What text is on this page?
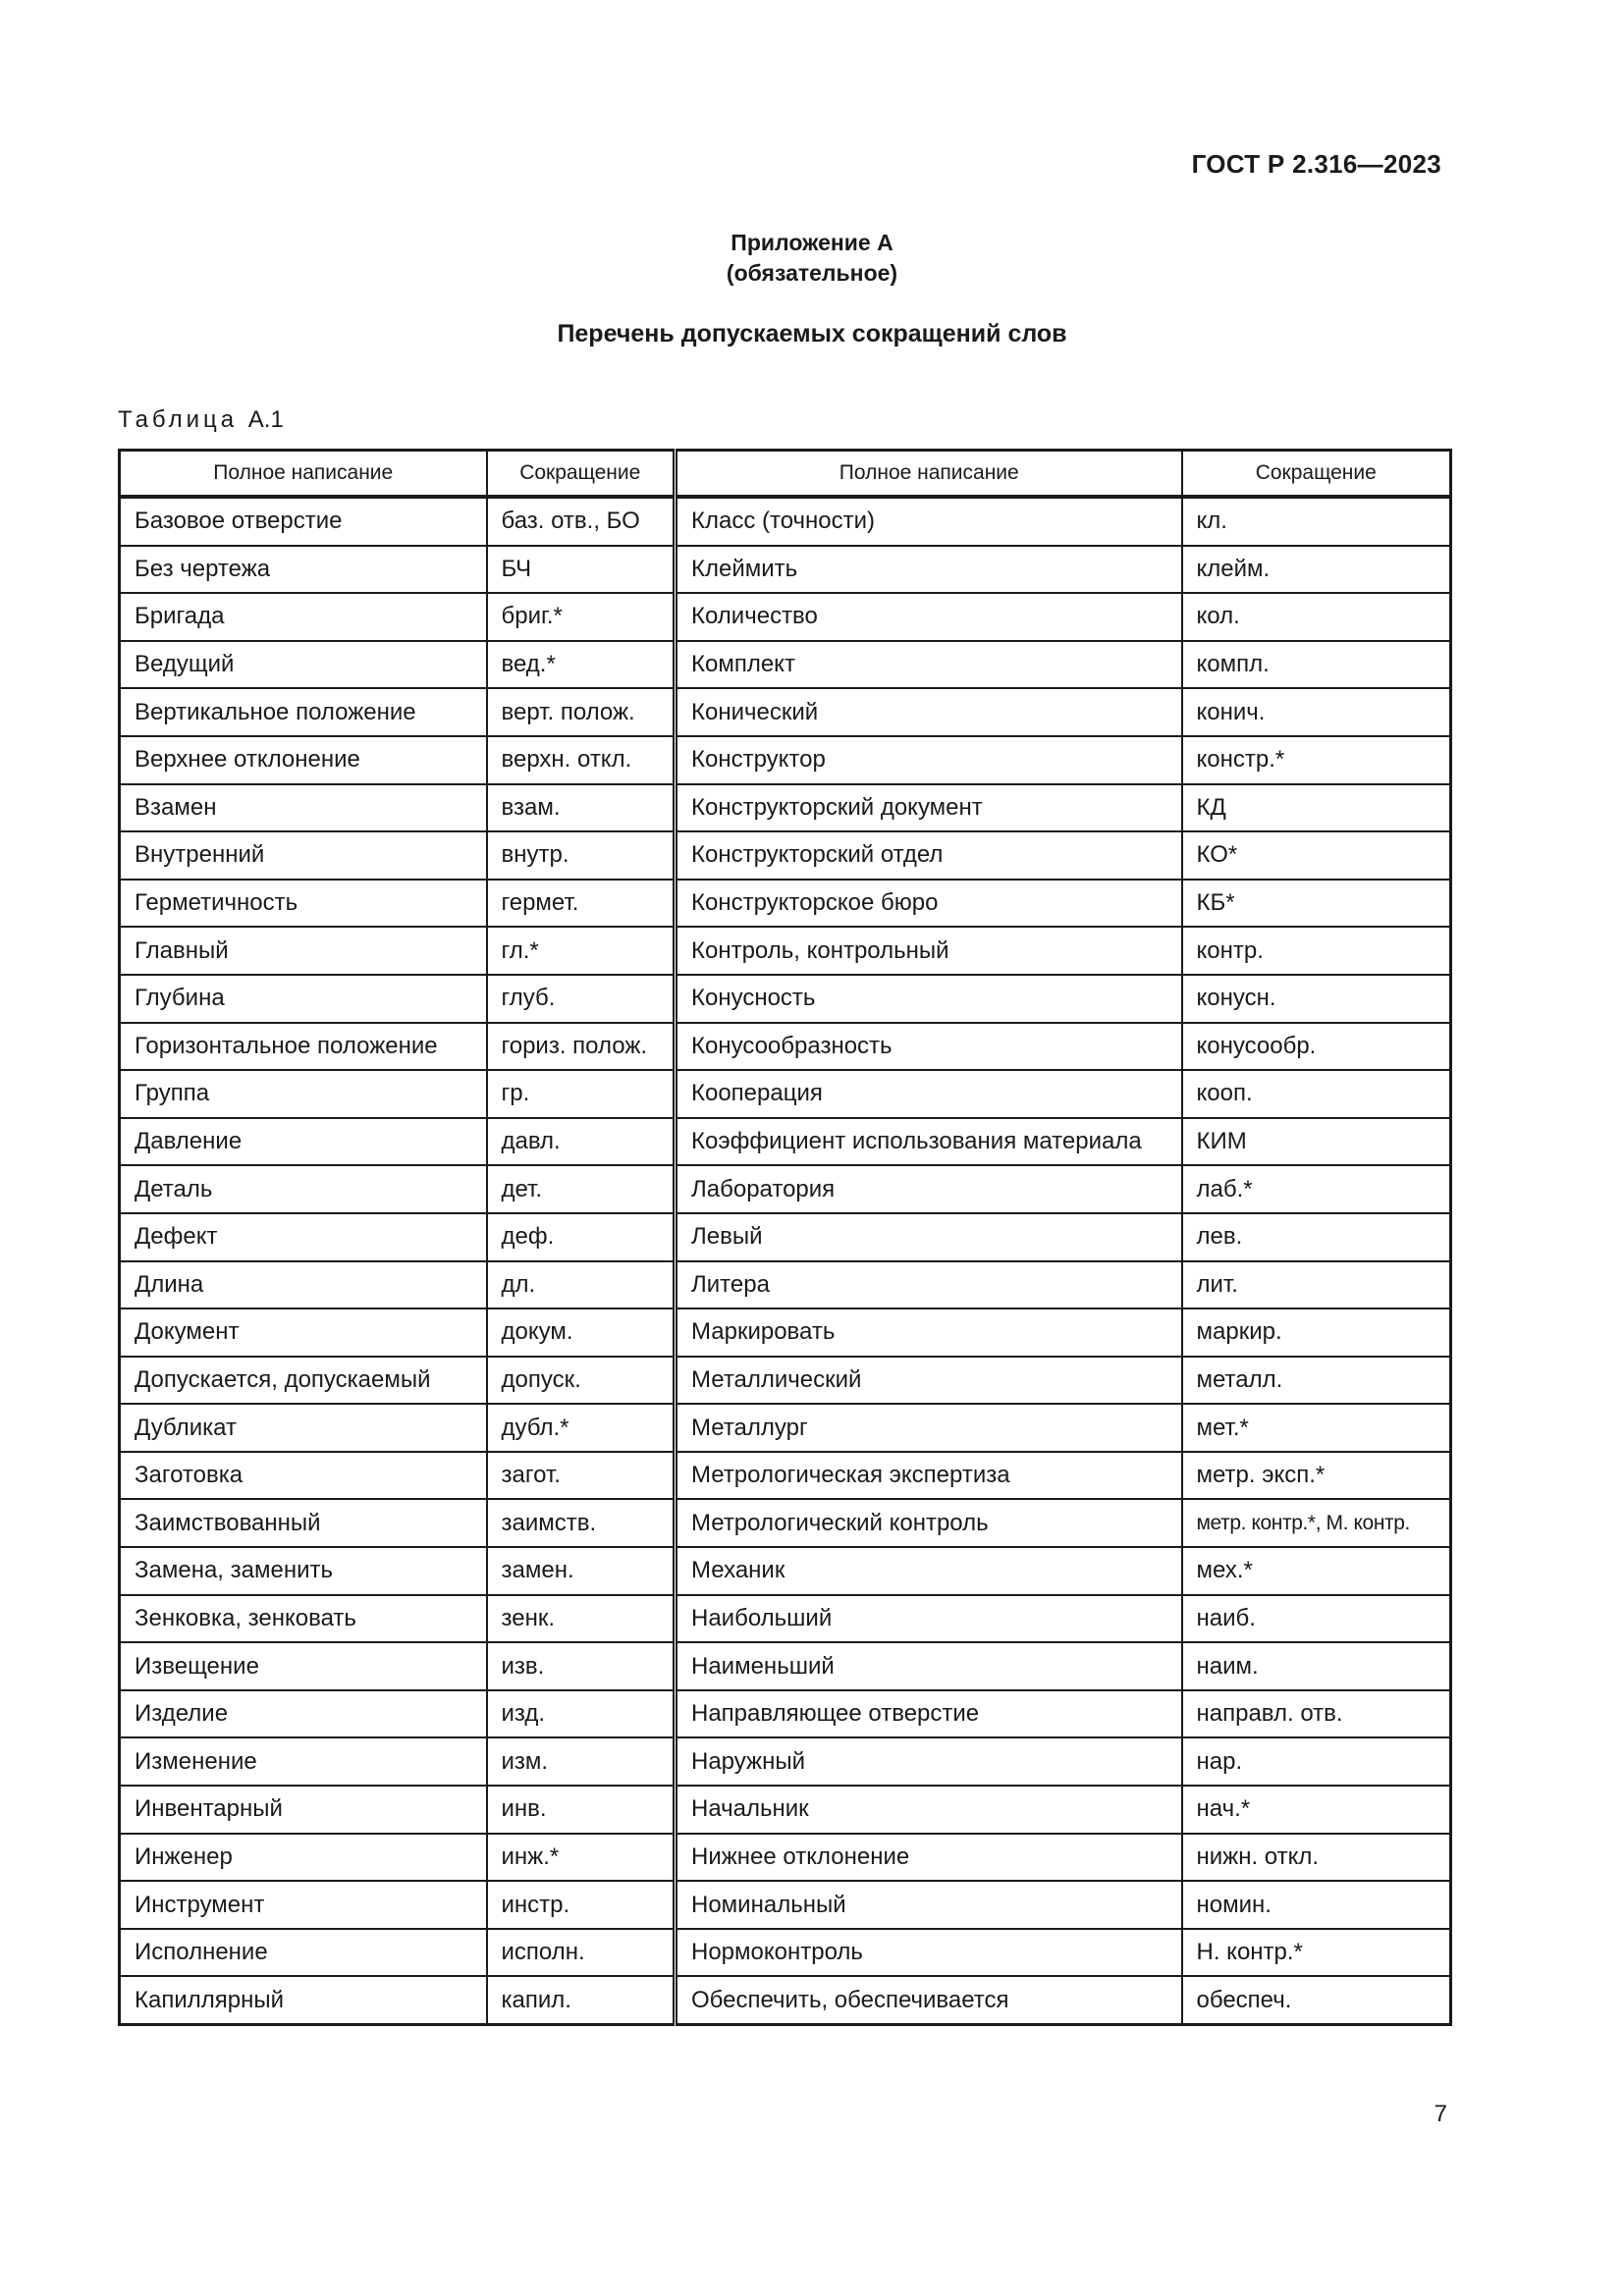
ГОСТ Р 2.316—2023
Приложение А
(обязательное)
Перечень допускаемых сокращений слов
Таблица А.1
Полное написание	Сокращение	Полное написание	Сокращение
Базовое отверстие	баз. отв., БО	Класс (точности)	кл.
Без чертежа	БЧ	Клеймить	клейм.
Бригада	бриг.*	Количество	кол.
Ведущий	вед.*	Комплект	компл.
Вертикальное положение	верт. полож.	Конический	конич.
Верхнее отклонение	верхн. откл.	Конструктор	констр.*
Взамен	взам.	Конструкторский документ	КД
Внутренний	внутр.	Конструкторский отдел	КО*
Герметичность	гермет.	Конструкторское бюро	КБ*
Главный	гл.*	Контроль, контрольный	контр.
Глубина	глуб.	Конусность	конусн.
Горизонтальное положение	гориз. полож.	Конусообразность	конусообр.
Группа	гр.	Кооперация	кооп.
Давление	давл.	Коэффициент использования материала	КИМ
Деталь	дет.	Лаборатория	лаб.*
Дефект	деф.	Левый	лев.
Длина	дл.	Литера	лит.
Документ	докум.	Маркировать	маркир.
Допускается, допускаемый	допуск.	Металлический	металл.
Дубликат	дубл.*	Металлург	мет.*
Заготовка	загот.	Метрологическая экспертиза	метр. эксп.*
Заимствованный	заимств.	Метрологический контроль	метр. контр.*, М. контр.
Замена, заменить	замен.	Механик	мех.*
Зенковка, зенковать	зенк.	Наибольший	наиб.
Извещение	изв.	Наименьший	наим.
Изделие	изд.	Направляющее отверстие	направл. отв.
Изменение	изм.	Наружный	нар.
Инвентарный	инв.	Начальник	нач.*
Инженер	инж.*	Нижнее отклонение	нижн. откл.
Инструмент	инстр.	Номинальный	номин.
Исполнение	исполн.	Нормоконтроль	Н. контр.*
Капиллярный	капил.	Обеспечить, обеспечивается	обеспеч.
7
